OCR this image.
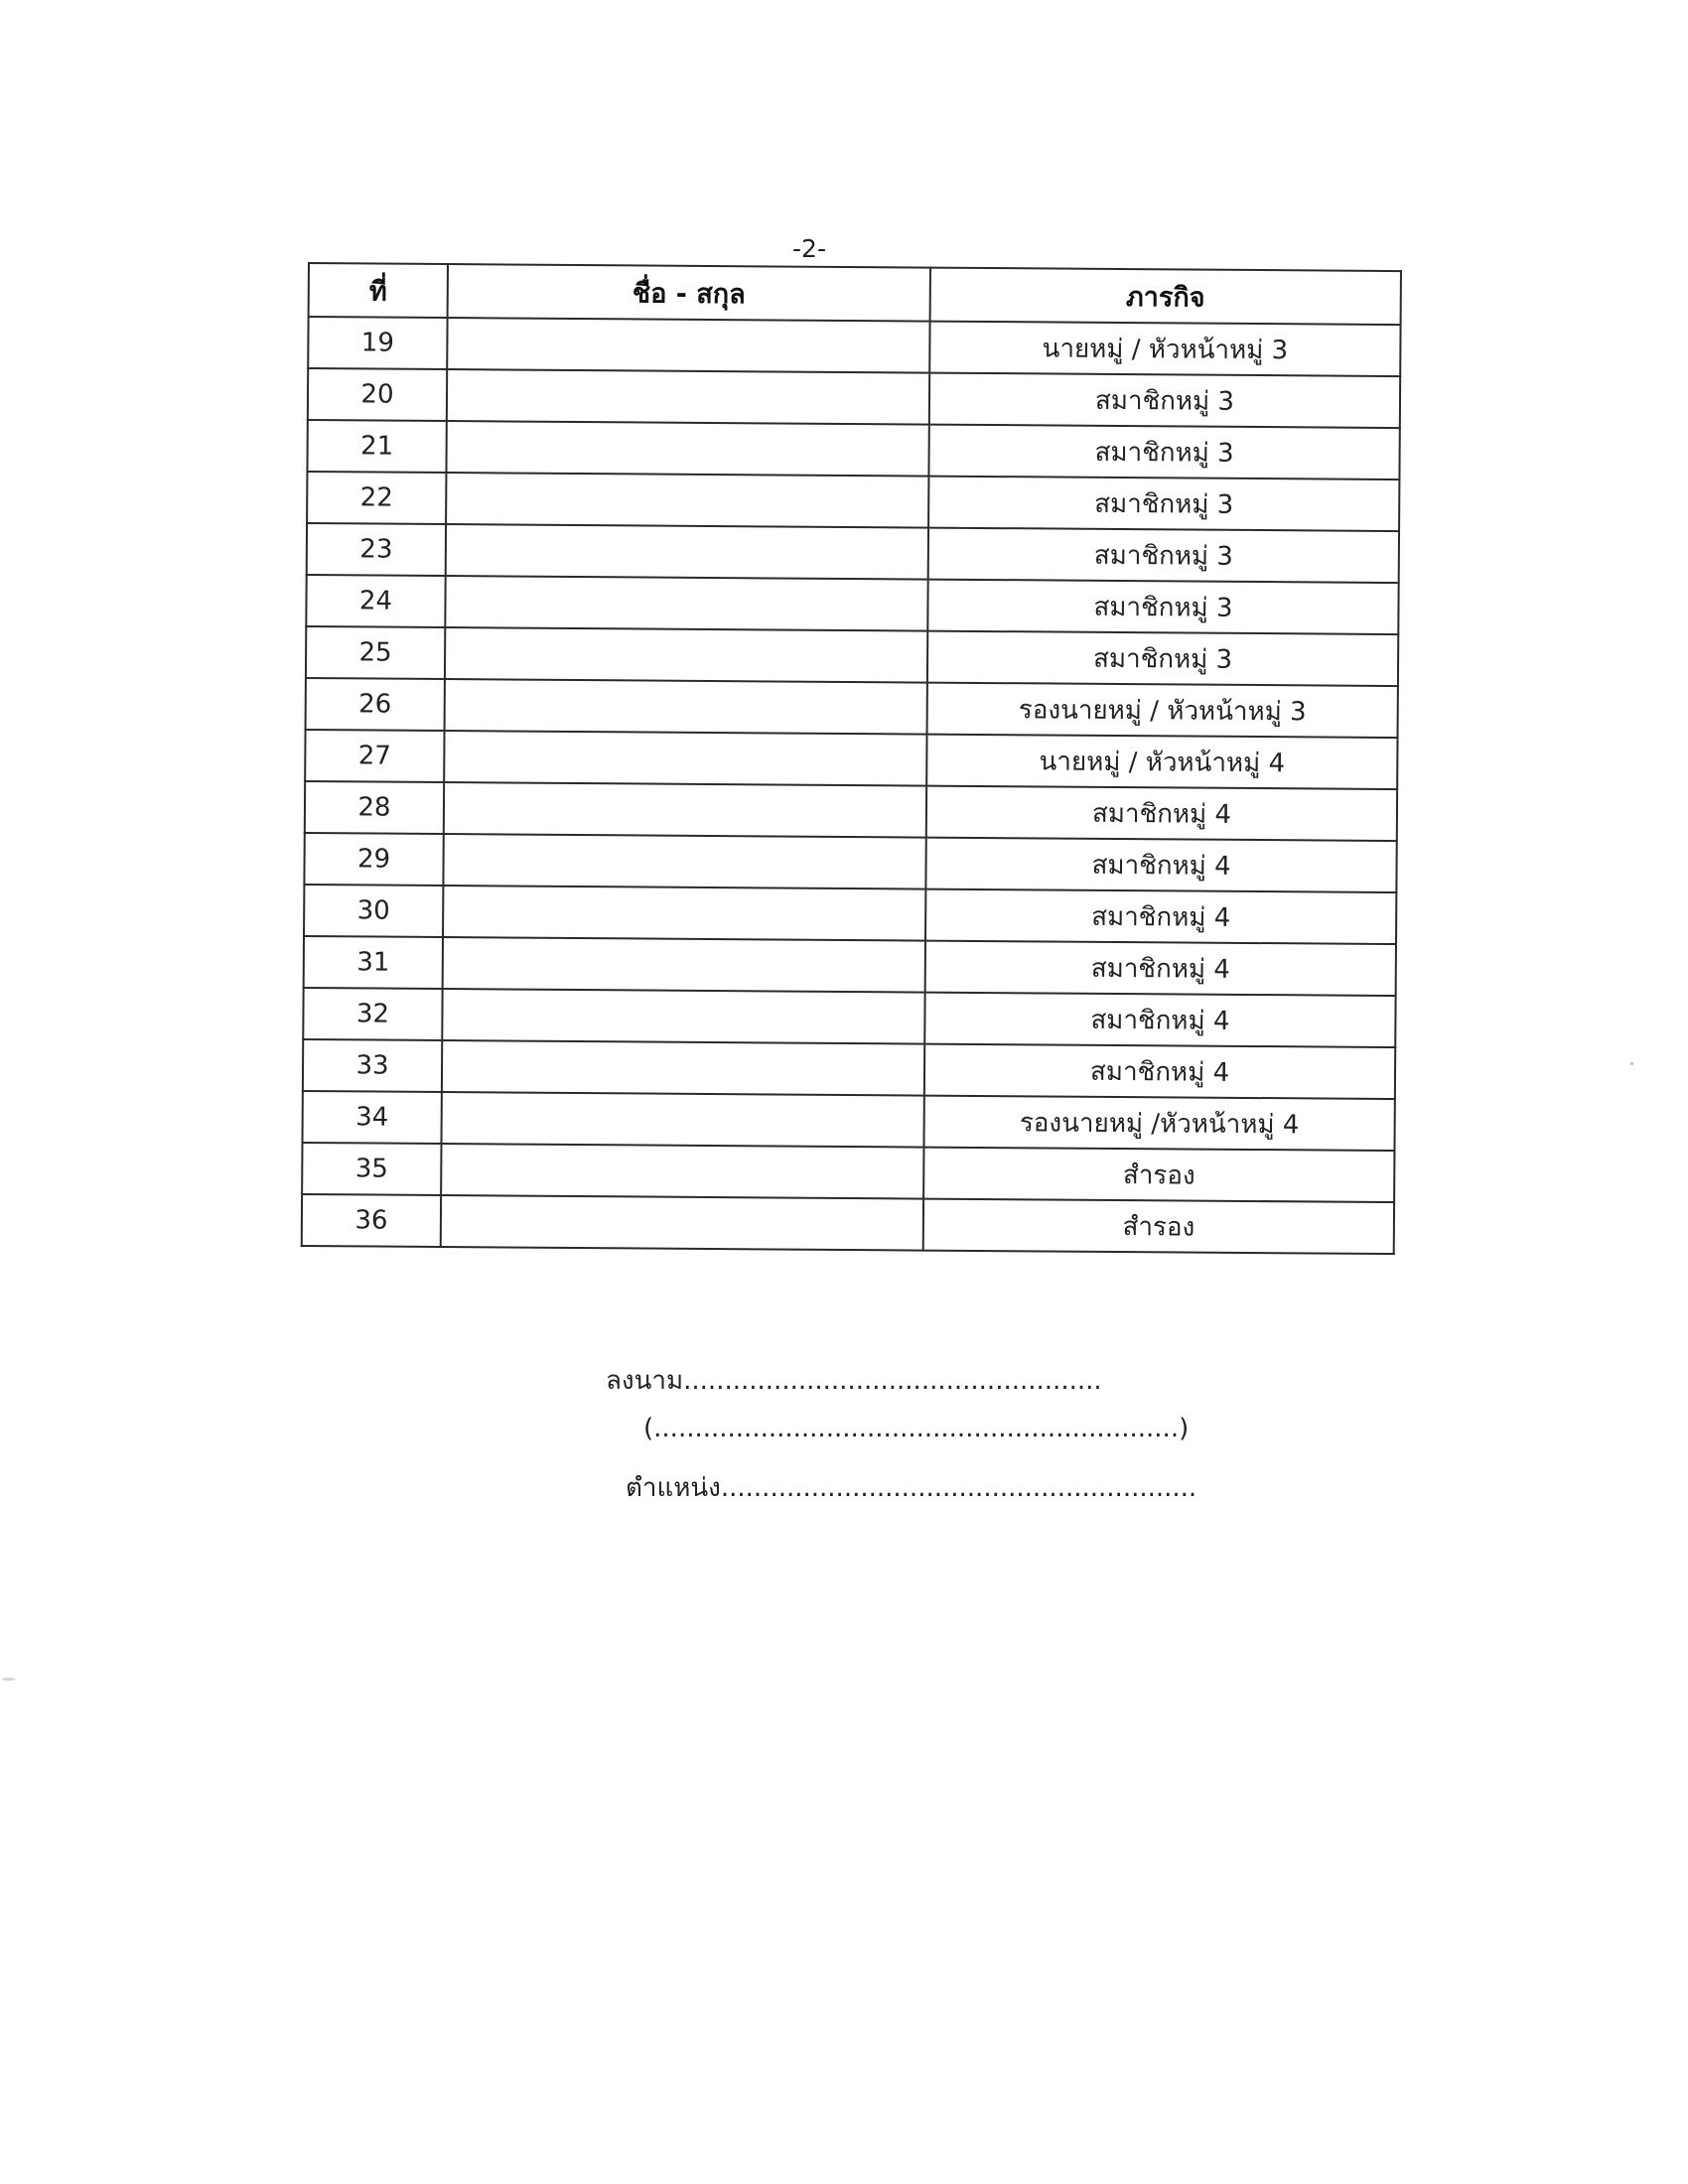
-2-
ที่	ชื่อ - สกุล	ภารกิจ
19		นายหมู่ / หัวหน้าหมู่ 3
20		สมาชิกหมู่ 3
21		สมาชิกหมู่ 3
22		สมาชิกหมู่ 3
23		สมาชิกหมู่ 3
24		สมาชิกหมู่ 3
25		สมาชิกหมู่ 3
26		รองนายหมู่ / หัวหน้าหมู่ 3
27		นายหมู่ / หัวหน้าหมู่ 4
28		สมาชิกหมู่ 4
29		สมาชิกหมู่ 4
30		สมาชิกหมู่ 4
31		สมาชิกหมู่ 4
32		สมาชิกหมู่ 4
33		สมาชิกหมู่ 4
34		รองนายหมู่ /หัวหน้าหมู่ 4
35		สำรอง
36		สำรอง
ลงนาม...................................................
(................................................................)
ตำแหน่ง..........................................................
